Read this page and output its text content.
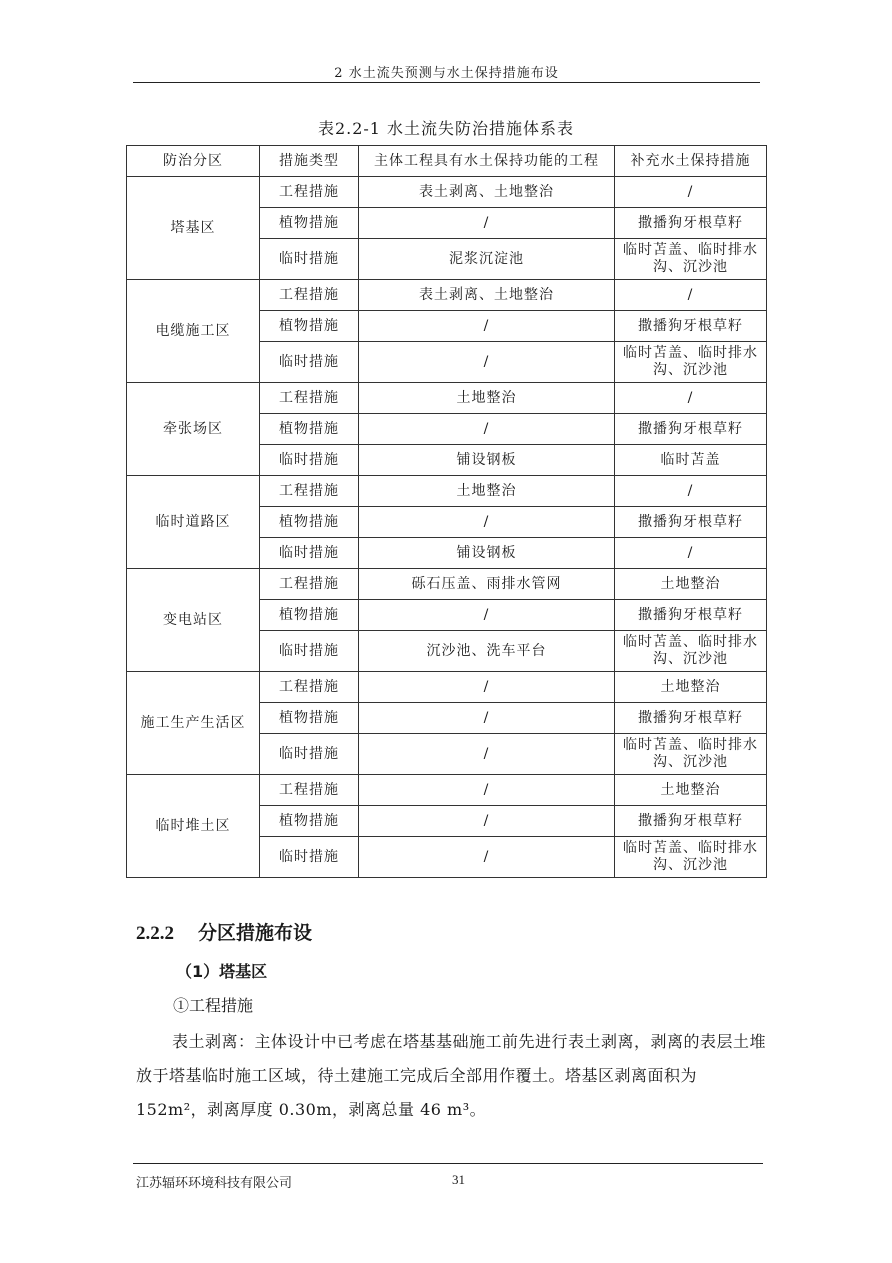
2 水土流失预测与水土保持措施布设
表2.2-1 水土流失防治措施体系表
防治分区	措施类型	主体工程具有水土保持功能的工程	补充水土保持措施
塔基区	工程措施	表土剥离、土地整治	/
	植物措施	/	撒播狗牙根草籽
	临时措施	泥浆沉淀池	临时苫盖、临时排水沟、沉沙池
电缆施工区	工程措施	表土剥离、土地整治	/
	植物措施	/	撒播狗牙根草籽
	临时措施	/	临时苫盖、临时排水沟、沉沙池
牵张场区	工程措施	土地整治	/
	植物措施	/	撒播狗牙根草籽
	临时措施	铺设钢板	临时苫盖
临时道路区	工程措施	土地整治	/
	植物措施	/	撒播狗牙根草籽
	临时措施	铺设钢板	/
变电站区	工程措施	砾石压盖、雨排水管网	土地整治
	植物措施	/	撒播狗牙根草籽
	临时措施	沉沙池、洗车平台	临时苫盖、临时排水沟、沉沙池
施工生产生活区	工程措施	/	土地整治
	植物措施	/	撒播狗牙根草籽
	临时措施	/	临时苫盖、临时排水沟、沉沙池
临时堆土区	工程措施	/	土地整治
	植物措施	/	撒播狗牙根草籽
	临时措施	/	临时苫盖、临时排水沟、沉沙池
2.2.2 分区措施布设
（1）塔基区
①工程措施

表土剥离：主体设计中已考虑在塔基基础施工前先进行表土剥离，剥离的表层土堆放于塔基临时施工区域，待土建施工完成后全部用作覆土。塔基区剥离面积为 152m²，剥离厚度 0.30m，剥离总量 46 m³。

江苏辐环环境科技有限公司	31
